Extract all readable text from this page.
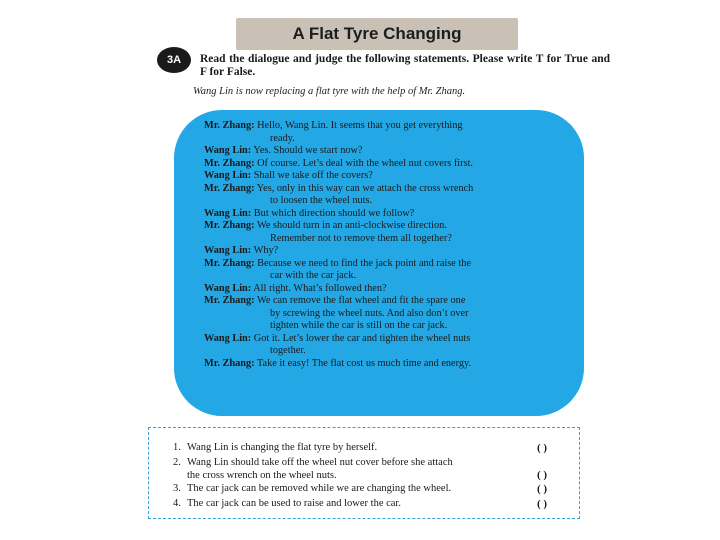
A Flat Tyre Changing
3A Read the dialogue and judge the following statements. Please write T for True and F for False.
Wang Lin is now replacing a flat tyre with the help of Mr. Zhang.
Mr. Zhang: Hello, Wang Lin. It seems that you get everything
ready.
Wang Lin: Yes. Should we start now?
Mr. Zhang: Of course. Let’s deal with the wheel nut covers first.
Wang Lin: Shall we take off the covers?
Mr. Zhang: Yes, only in this way can we attach the cross wrench
to loosen the wheel nuts.
Wang Lin: But which direction should we follow?
Mr. Zhang: We should turn in an anti-clockwise direction.
Remember not to remove them all together?
Wang Lin: Why?
Mr. Zhang: Because we need to find the jack point and raise the
car with the car jack.
Wang Lin: All right. What’s followed then?
Mr. Zhang: We can remove the flat wheel and fit the spare one
by screwing the wheel nuts. And also don’t over
tighten while the car is still on the car jack.
Wang Lin: Got it. Let’s lower the car and tighten the wheel nuts
together.
Mr. Zhang: Take it easy! The flat cost us much time and energy.
1. Wang Lin is changing the flat tyre by herself.	( )
2. Wang Lin should take off the wheel nut cover before she attach
the cross wrench on the wheel nuts.	( )
3. The car jack can be removed while we are changing the wheel.	( )
4. The car jack can be used to raise and lower the car.	( )
